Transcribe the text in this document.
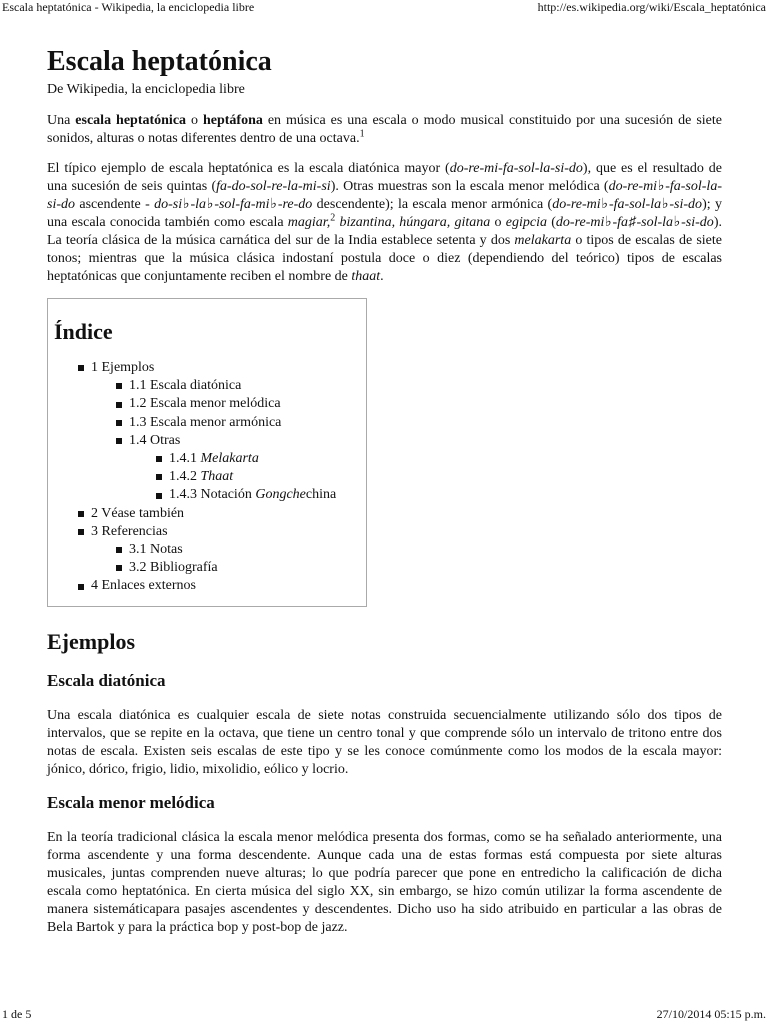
Escala heptatónica - Wikipedia, la enciclopedia libre	http://es.wikipedia.org/wiki/Escala_heptatónica
Escala heptatónica
De Wikipedia, la enciclopedia libre

Una escala heptatónica o heptáfona en música es una escala o modo musical constituido por una sucesión de siete sonidos, alturas o notas diferentes dentro de una octava.$^1$

El típico ejemplo de escala heptatónica es la escala diatónica mayor (do-re-mi-fa-sol-la-si-do), que es el resultado de una sucesión de seis quintas (fa-do-sol-re-la-mi-si). Otras muestras son la escala menor melódica (do-re-mi♭-fa-sol-la-si-do ascendente - do-si♭-la♭-sol-fa-mi♭-re-do descendente); la escala menor armónica (do-re-mi♭-fa-sol-la♭-si-do); y una escala conocida también como escala magiar,$^2$ bizantina, húngara, gitana o egipcia (do-re-mi♭-fa♯-sol-la♭-si-do). La teoría clásica de la música carnática del sur de la India establece setenta y dos melakarta o tipos de escalas de siete tonos; mientras que la música clásica indostaní postula doce o diez (dependiendo del teórico) tipos de escalas heptatónicas que conjuntamente reciben el nombre de thaat.

Índice
1 Ejemplos
1.1 Escala diatónica
1.2 Escala menor melódica
1.3 Escala menor armónica
1.4 Otras
1.4.1
Melakarta
1.4.2
Thaat
1.4.3 Notación
Gongche china
2 Véase también
3 Referencias
3.1 Notas
3.2 Bibliografía
4 Enlaces externos
Ejemplos
Escala diatónica

Una escala diatónica es cualquier escala de siete notas construida secuencialmente utilizando sólo dos tipos de intervalos, que se repite en la octava, que tiene un centro tonal y que comprende sólo un intervalo de tritono entre dos notas de escala. Existen seis escalas de este tipo y se les conoce comúnmente como los modos de la escala mayor: jónico, dórico, frigio, lidio, mixolidio, eólico y locrio.

Escala menor melódica

En la teoría tradicional clásica la escala menor melódica presenta dos formas, como se ha señalado anteriormente, una forma ascendente y una forma descendente. Aunque cada una de estas formas está compuesta por siete alturas musicales, juntas comprenden nueve alturas; lo que podría parecer que pone en entredicho la calificación de dicha escala como heptatónica. En cierta música del siglo XX, sin embargo, se hizo común utilizar la forma ascendente de manera sistemáticapara pasajes ascendentes y descendentes. Dicho uso ha sido atribuido en particular a las obras de Bela Bartok y para la práctica bop y post-bop de jazz.

1 de 5	27/10/2014 05:15 p.m.
